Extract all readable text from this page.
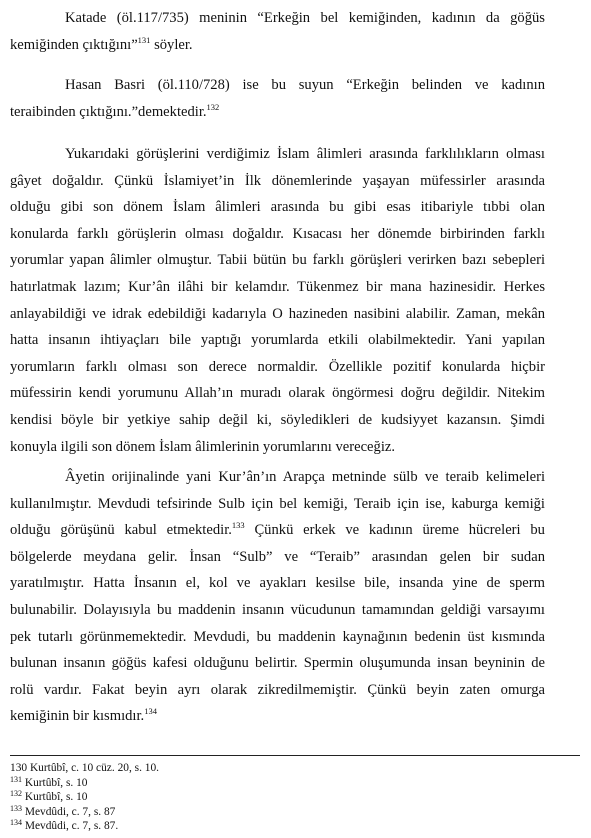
Katade (öl.117/735) meninin “Erkeğin bel kemiğinden, kadının da göğüs
kemiğinden çıktığını”$^{131}$ söyler.
Hasan Basri (öl.110/728) ise bu suyun “Erkeğin belinden ve kadının
teraibinden çıktığını.”demektedir.$^{132}$
Yukarıdaki görüşlerini verdiğimiz İslam âlimleri arasında farklılıkların olması
gâyet doğaldır. Çünkü İslamiyet’in İlk dönemlerinde yaşayan müfessirler arasında
olduğu gibi son dönem İslam âlimleri arasında bu gibi esas itibariyle tıbbi olan
konularda farklı görüşlerin olması doğaldır. Kısacası her dönemde birbirinden farklı
yorumlar yapan âlimler olmuştur. Tabii bütün bu farklı görüşleri verirken bazı sebepleri
hatırlatmak lazım; Kur’ân ilâhi bir kelamdır. Tükenmez bir mana hazinesidir. Herkes
anlayabildiği ve idrak edebildiği kadarıyla O hazineden nasibini alabilir. Zaman, mekân
hatta insanın ihtiyaçları bile yaptığı yorumlarda etkili olabilmektedir. Yani yapılan
yorumların farklı olması son derece normaldir. Özellikle pozitif konularda hiçbir
müfessirin kendi yorumunu Allah’ın muradı olarak öngörmesi doğru değildir. Nitekim
kendisi böyle bir yetkiye sahip değil ki, söyledikleri de kudsiyyet kazansın. Şimdi
konuyla ilgili son dönem İslam âlimlerinin yorumlarını vereceğiz.
Âyetin orijinalinde yani Kur’ân’ın Arapça metninde sülb ve teraib kelimeleri
kullanılmıştır. Mevdudi tefsirinde Sulb için bel kemiği, Teraib için ise, kaburga kemiği
olduğu görüşünü kabul etmektedir.$^{133}$ Çünkü erkek ve kadının üreme hücreleri bu
bölgelerde meydana gelir. İnsan “Sulb” ve “Teraib” arasından gelen bir sudan
yaratılmıştır. Hatta İnsanın el, kol ve ayakları kesilse bile, insanda yine de sperm
bulunabilir. Dolayısıyla bu maddenin insanın vücudunun tamamından geldiği varsayımı
pek tutarlı görünmemektedir. Mevdudi, bu maddenin kaynağının bedenin üst kısmında
bulunan insanın göğüs kafesi olduğunu belirtir. Spermin oluşumunda insan beyninin de
rolü vardır. Fakat beyin ayrı olarak zikredilmemiştir. Çünkü beyin zaten omurga
kemiğinin bir kısmıdır.$^{134}$
130 Kurtûbî, c. 10 cüz. 20, s. 10.
$^{131}$ Kurtûbî, s. 10
$^{132}$ Kurtûbî, s. 10
$^{133}$ Mevdûdi, c. 7, s. 87
$^{134}$ Mevdûdi, c. 7, s. 87.
